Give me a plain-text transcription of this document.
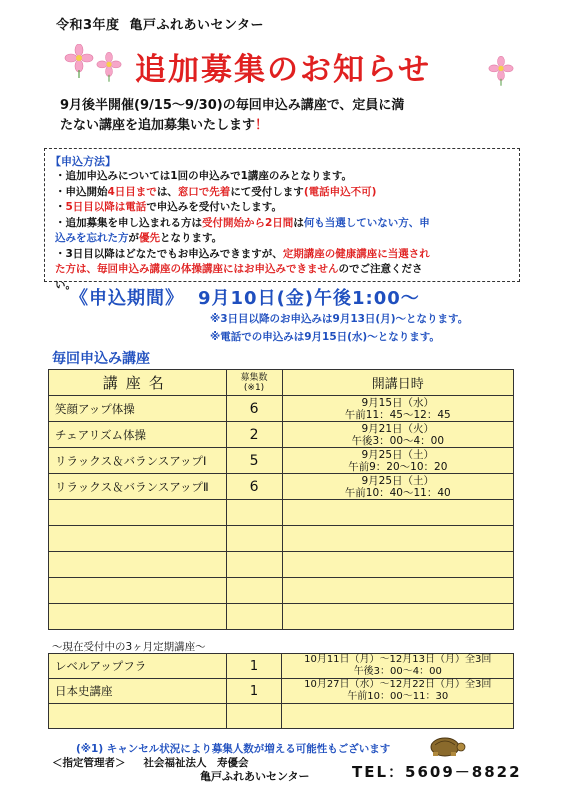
令和3年度 亀戸ふれあいセンター
追加募集のお知らせ
9月後半開催(9/15～9/30)の毎回申込み講座で、定員に満
たない講座を追加募集いたします！
【申込方法】
・追加申込みについては1回の申込みで1講座のみとなります。
・申込開始4日目までは、窓口で先着にて受付します(電話申込不可)
・5日目以降は電話で申込みを受付いたします。
・追加募集を申し込まれる方は受付開始から2日間は何も当選していない方、申
込みを忘れた方が優先となります。
・3日目以降はどなたでもお申込みできますが、定期講座の健康講座に当選され
た方は、毎回申込み講座の体操講座にはお申込みできませんのでご注意くださ
い。
《申込期間》 9月10日(金)午後1:00～
※3日目以降のお申込みは9月13日(月)～となります。
※電話での申込みは9月15日(水)～となります。
毎回申込み講座
講座名	募集数
(※1)	開講日時
笑顔アップ体操	6	9月15日（水）
午前11：45～12：45
チェアリズム体操	2	9月21日（火）
午後3：00～4：00
リラックス＆バランスアップⅠ	5	9月25日（土）
午前9：20～10：20
リラックス＆バランスアップⅡ	6	9月25日（土）
午前10：40～11：40

～現在受付中の3ヶ月定期講座～
レベルアップフラ	1	10月11日（月）～12月13日（月）全3回
午後3：00～4：00
日本史講座	1	10月27日（水）～12月22日（月）全3回
午前10：00～11：30

(※1) キャンセル状況により募集人数が増える可能性もございます
＜指定管理者＞ 社会福祉法人　寿優会
亀戸ふれあいセンター	TEL：5609－8822
